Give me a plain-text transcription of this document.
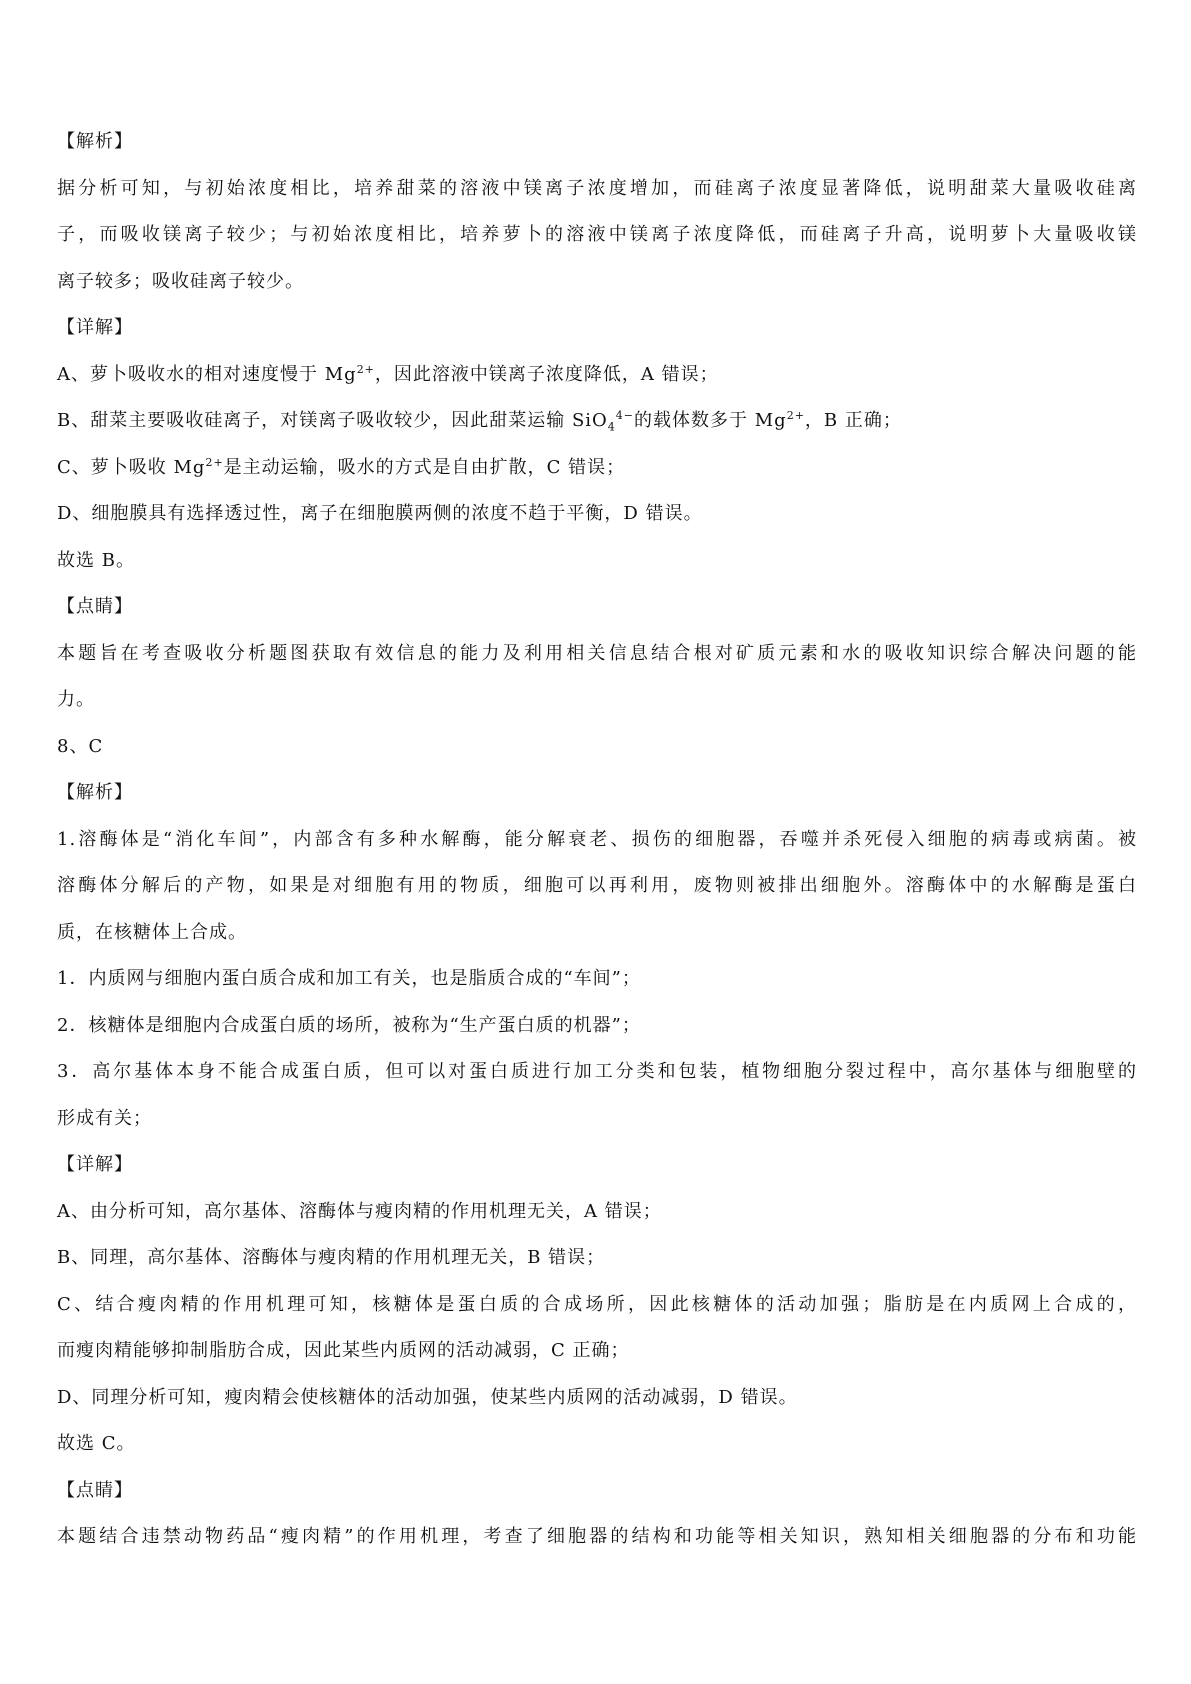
【解析】
据分析可知，与初始浓度相比，培养甜菜的溶液中镁离子浓度增加，而硅离子浓度显著降低，说明甜菜大量吸收硅离
子，而吸收镁离子较少；与初始浓度相比，培养萝卜的溶液中镁离子浓度降低，而硅离子升高，说明萝卜大量吸收镁
离子较多；吸收硅离子较少。
【详解】
A、萝卜吸收水的相对速度慢于 $Mg^{2+}$，因此溶液中镁离子浓度降低，A 错误；
B、甜菜主要吸收硅离子，对镁离子吸收较少，因此甜菜运输 SiO$_4^{4-}$的载体数多于 $Mg^{2+}$，B 正确；
C、萝卜吸收 $Mg^{2+}$是主动运输，吸水的方式是自由扩散，C 错误；
D、细胞膜具有选择透过性，离子在细胞膜两侧的浓度不趋于平衡，D 错误。
故选 B。
【点睛】
本题旨在考查吸收分析题图获取有效信息的能力及利用相关信息结合根对矿质元素和水的吸收知识综合解决问题的能
力。
8、C
【解析】
1.溶酶体是“消化车间”，内部含有多种水解酶，能分解衰老、损伤的细胞器，吞噬并杀死侵入细胞的病毒或病菌。被
溶酶体分解后的产物，如果是对细胞有用的物质，细胞可以再利用，废物则被排出细胞外。溶酶体中的水解酶是蛋白
质，在核糖体上合成。
1．内质网与细胞内蛋白质合成和加工有关，也是脂质合成的“车间”；
2．核糖体是细胞内合成蛋白质的场所，被称为“生产蛋白质的机器”；
3．高尔基体本身不能合成蛋白质，但可以对蛋白质进行加工分类和包装，植物细胞分裂过程中，高尔基体与细胞壁的
形成有关；
【详解】
A、由分析可知，高尔基体、溶酶体与瘦肉精的作用机理无关，A 错误；
B、同理，高尔基体、溶酶体与瘦肉精的作用机理无关，B 错误；
C、结合瘦肉精的作用机理可知，核糖体是蛋白质的合成场所，因此核糖体的活动加强；脂肪是在内质网上合成的，
而瘦肉精能够抑制脂肪合成，因此某些内质网的活动减弱，C 正确；
D、同理分析可知，瘦肉精会使核糖体的活动加强，使某些内质网的活动减弱，D 错误。
故选 C。
【点睛】
本题结合违禁动物药品“瘦肉精”的作用机理，考查了细胞器的结构和功能等相关知识，熟知相关细胞器的分布和功能
